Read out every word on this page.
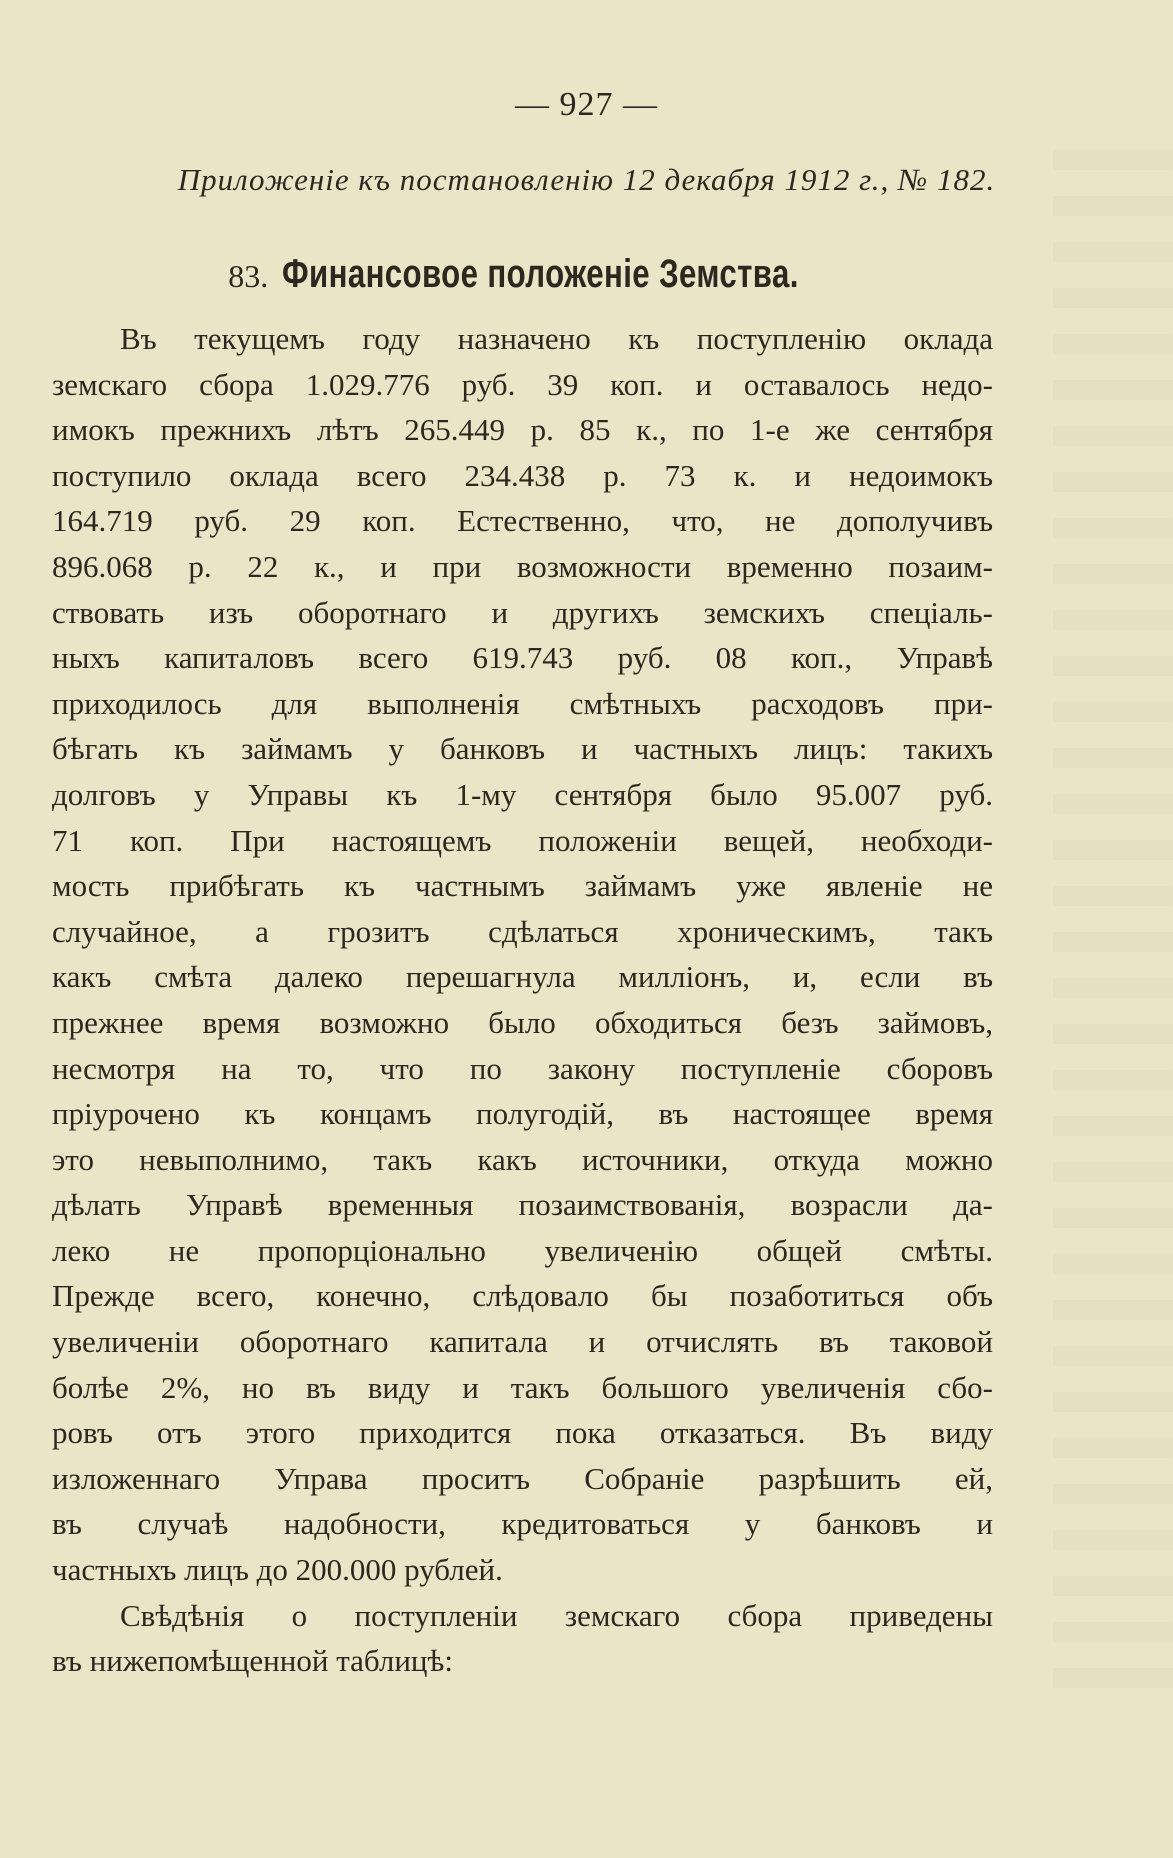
— 927 —
Приложеніе къ постановленію 12 декабря 1912 г., № 182.
83. Финансовое положеніе Земства.
Въ текущемъ году назначено къ поступленію оклада
земскаго сбора 1.029.776 руб. 39 коп. и оставалось недо-
имокъ прежнихъ лѣтъ 265.449 р. 85 к., по 1-е же сентября
поступило оклада всего 234.438 р. 73 к. и недоимокъ
164.719 руб. 29 коп. Естественно, что, не дополучивъ
896.068 р. 22 к., и при возможности временно позаим-
ствовать изъ оборотнаго и другихъ земскихъ спеціаль-
ныхъ капиталовъ всего 619.743 руб. 08 коп., Управѣ
приходилось для выполненія смѣтныхъ расходовъ при-
бѣгать къ займамъ у банковъ и частныхъ лицъ: такихъ
долговъ у Управы къ 1-му сентября было 95.007 руб.
71 коп. При настоящемъ положеніи вещей, необходи-
мость прибѣгать къ частнымъ займамъ уже явленіе не
случайное, а грозитъ сдѣлаться хроническимъ, такъ
какъ смѣта далеко перешагнула милліонъ, и, если въ
прежнее время возможно было обходиться безъ займовъ,
несмотря на то, что по закону поступленіе сборовъ
пріурочено къ концамъ полугодій, въ настоящее время
это невыполнимо, такъ какъ источники, откуда можно
дѣлать Управѣ временныя позаимствованія, возрасли да-
леко не пропорціонально увеличенію общей смѣты.
Прежде всего, конечно, слѣдовало бы позаботиться объ
увеличеніи оборотнаго капитала и отчислять въ таковой
болѣе 2%, но въ виду и такъ большого увеличенія сбо-
ровъ отъ этого приходится пока отказаться. Въ виду
изложеннаго Управа проситъ Собраніе разрѣшить ей,
въ случаѣ надобности, кредитоваться у банковъ и
частныхъ лицъ до 200.000 рублей.
Свѣдѣнія о поступленіи земскаго сбора приведены
въ нижепомѣщенной таблицѣ:
